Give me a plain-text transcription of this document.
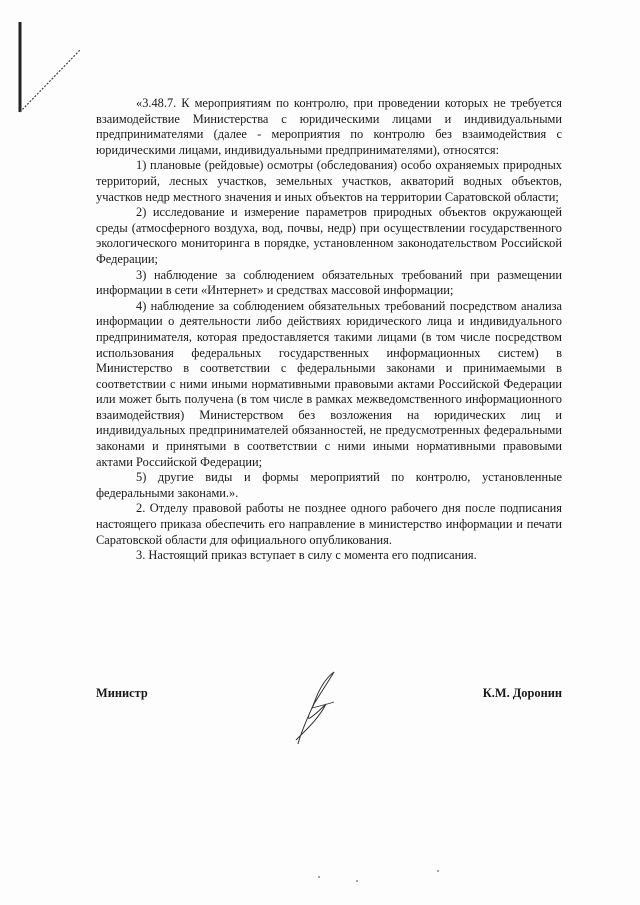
«3.48.7. К мероприятиям по контролю, при проведении которых не требуется взаимодействие Министерства с юридическими лицами и индивидуальными предпринимателями (далее - мероприятия по контролю без взаимодействия с юридическими лицами, индивидуальными предпринимателями), относятся:

1) плановые (рейдовые) осмотры (обследования) особо охраняемых природных территорий, лесных участков, земельных участков, акваторий водных объектов, участков недр местного значения и иных объектов на территории Саратовской области;

2) исследование и измерение параметров природных объектов окружающей среды (атмосферного воздуха, вод, почвы, недр) при осуществлении государственного экологического мониторинга в порядке, установленном законодательством Российской Федерации;

3) наблюдение за соблюдением обязательных требований при размещении информации в сети «Интернет» и средствах массовой информации;

4) наблюдение за соблюдением обязательных требований посредством анализа информации о деятельности либо действиях юридического лица и индивидуального предпринимателя, которая предоставляется такими лицами (в том числе посредством использования федеральных государственных информационных систем) в Министерство в соответствии с федеральными законами и принимаемыми в соответствии с ними иными нормативными правовыми актами Российской Федерации или может быть получена (в том числе в рамках межведомственного информационного взаимодействия) Министерством без возложения на юридических лиц и индивидуальных предпринимателей обязанностей, не предусмотренных федеральными законами и принятыми в соответствии с ними иными нормативными правовыми актами Российской Федерации;

5) другие виды и формы мероприятий по контролю, установленные федеральными законами.».

2. Отделу правовой работы не позднее одного рабочего дня после подписания настоящего приказа обеспечить его направление в министерство информации и печати Саратовской области для официального опубликования.

3. Настоящий приказ вступает в силу с момента его подписания.

Министр	К.М. Доронин
